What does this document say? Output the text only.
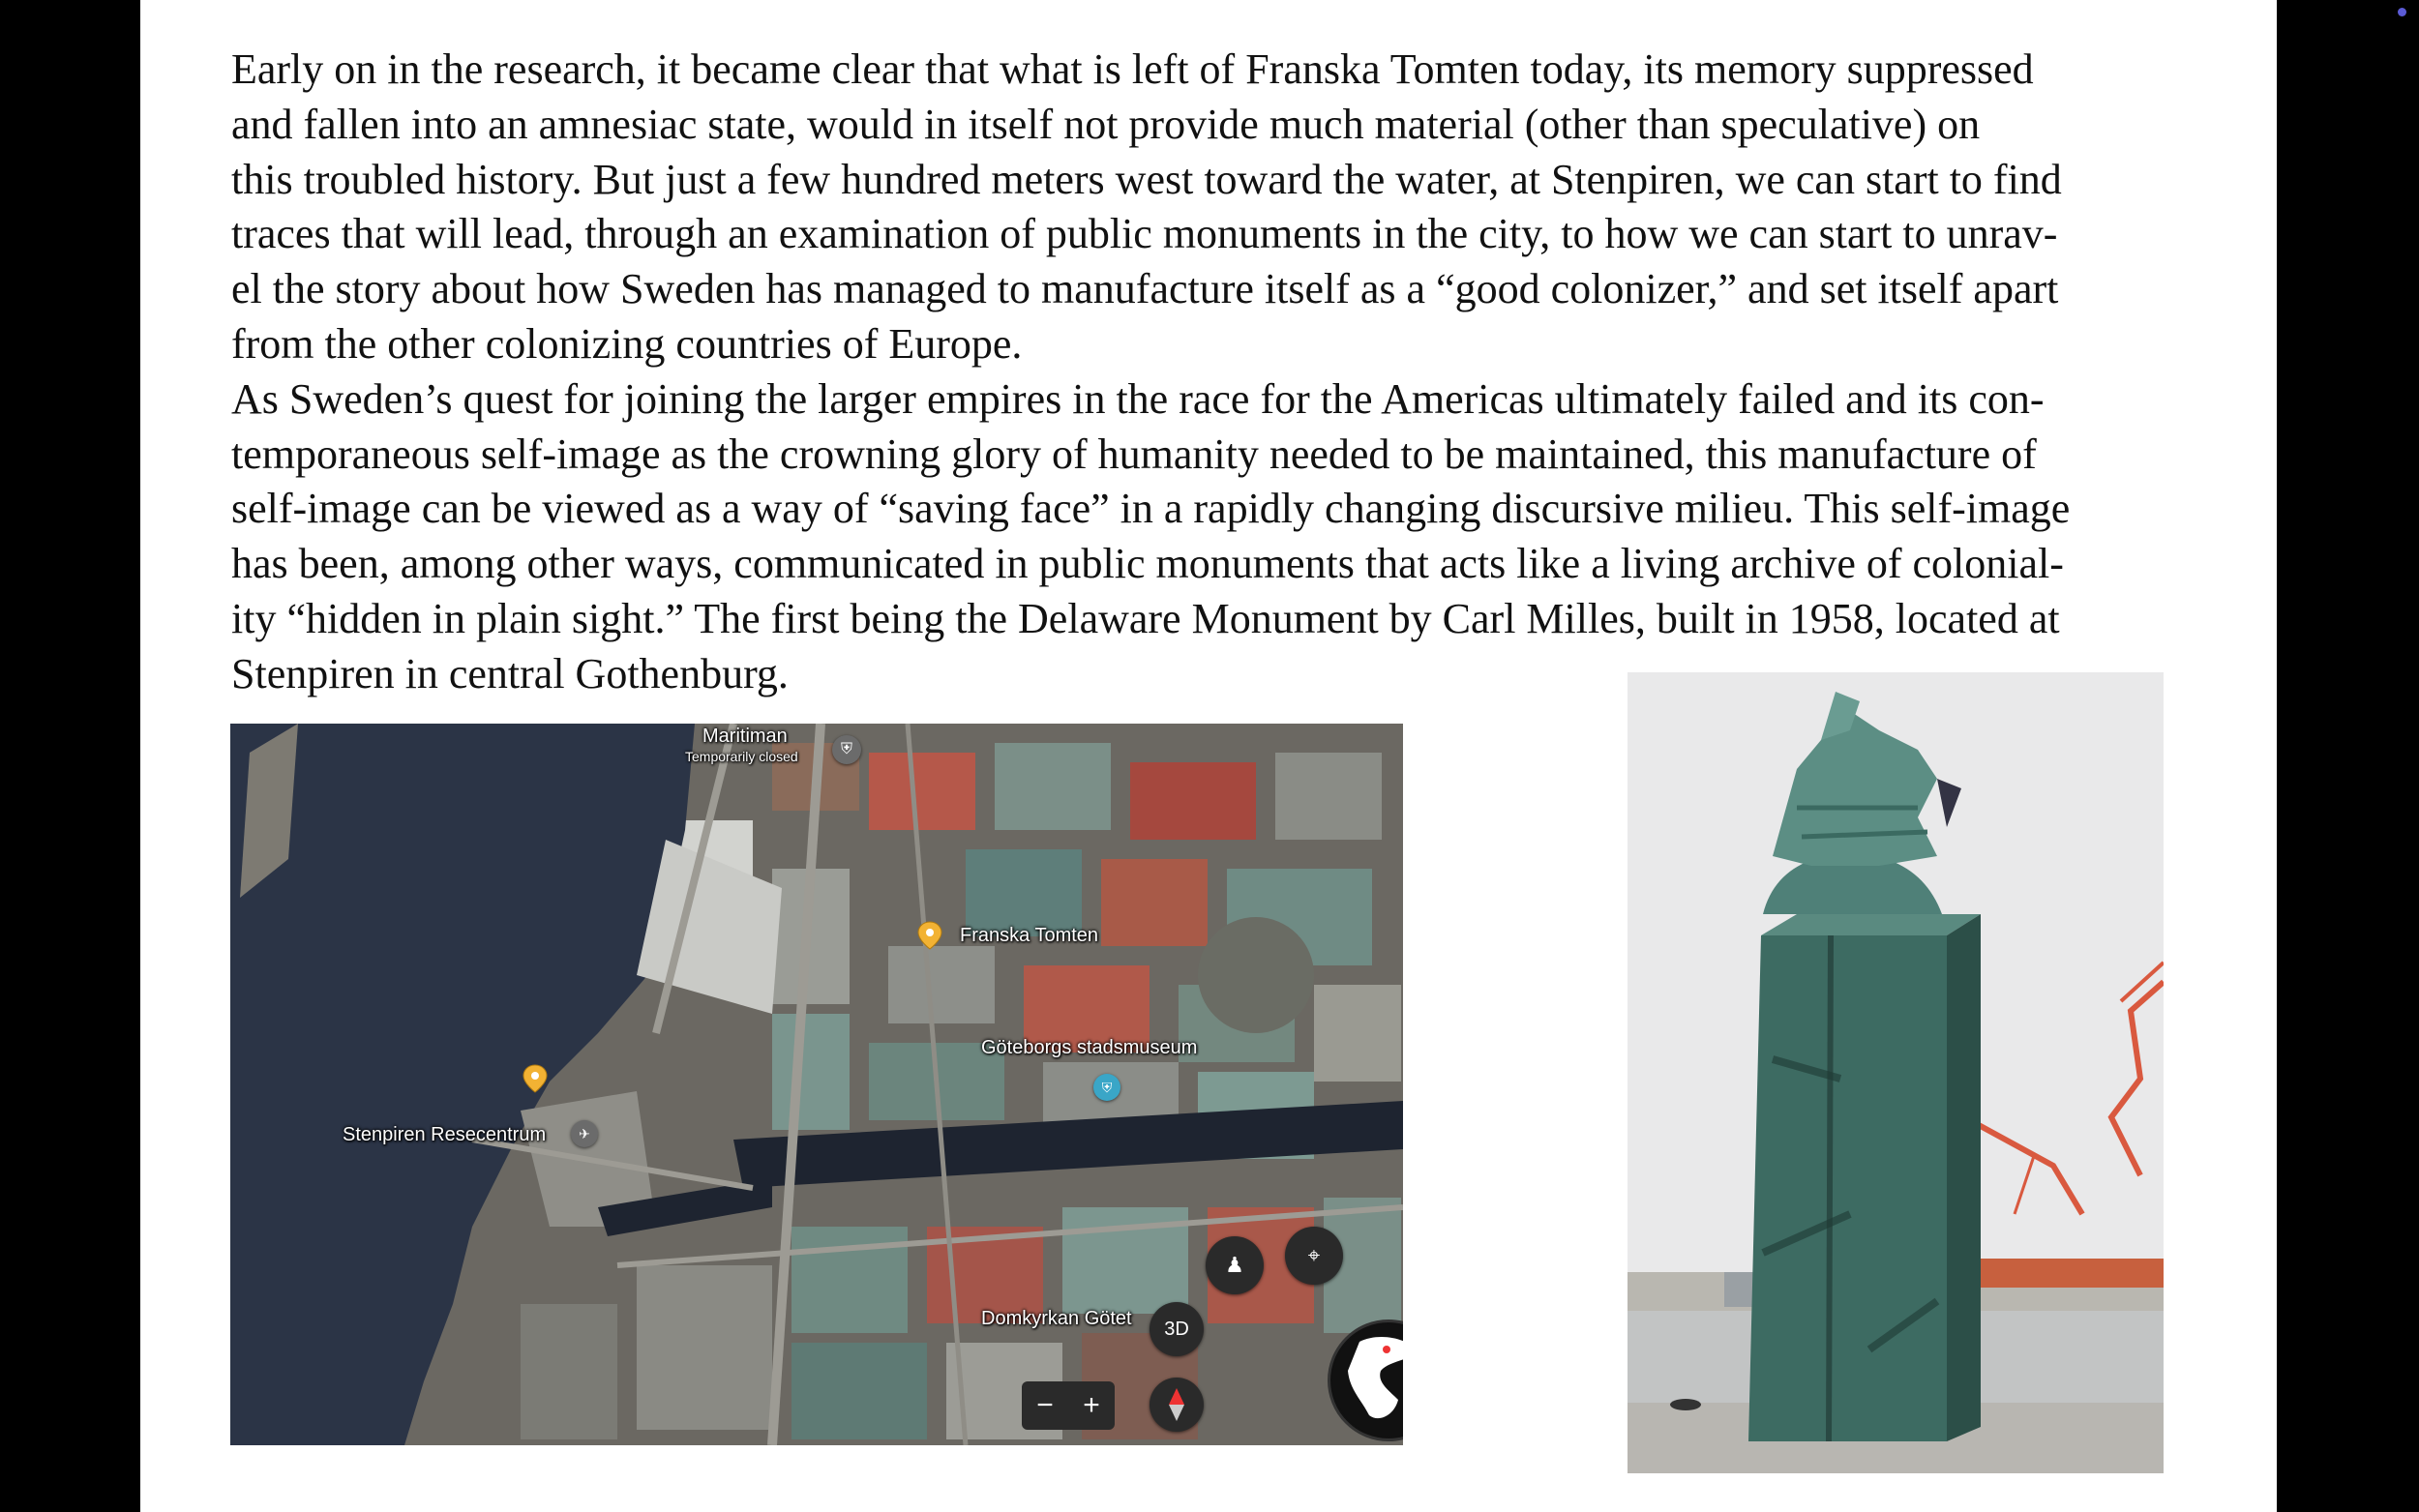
Early on in the research, it became clear that what is left of Franska Tomten today, its memory suppressed
and fallen into an amnesiac state, would in itself not provide much material (other than speculative) on
this troubled history. But just a few hundred meters west toward the water, at Stenpiren, we can start to find
traces that will lead, through an examination of public monuments in the city, to how we can start to unrav-
el the story about how Sweden has managed to manufacture itself as a “good colonizer,” and set itself apart
from the other colonizing countries of Europe.
As Sweden’s quest for joining the larger empires in the race for the Americas ultimately failed and its con-
temporaneous self-image as the crowning glory of humanity needed to be maintained, this manufacture of
self-image can be viewed as a way of “saving face” in a rapidly changing discursive milieu. This self-image
has been, among other ways, communicated in public monuments that acts like a living archive of colonial-
ity “hidden in plain sight.” The first being the Delaware Monument by Carl Milles, built in 1958, located at
Stenpiren in central Gothenburg.
Maritiman
Temporarily closed	⛨
Franska Tomten
Göteborgs stadsmuseum
⛨
Stenpiren Resecentrum	✈
Domkyrkan Götet
♟	⌖
3D
− +
